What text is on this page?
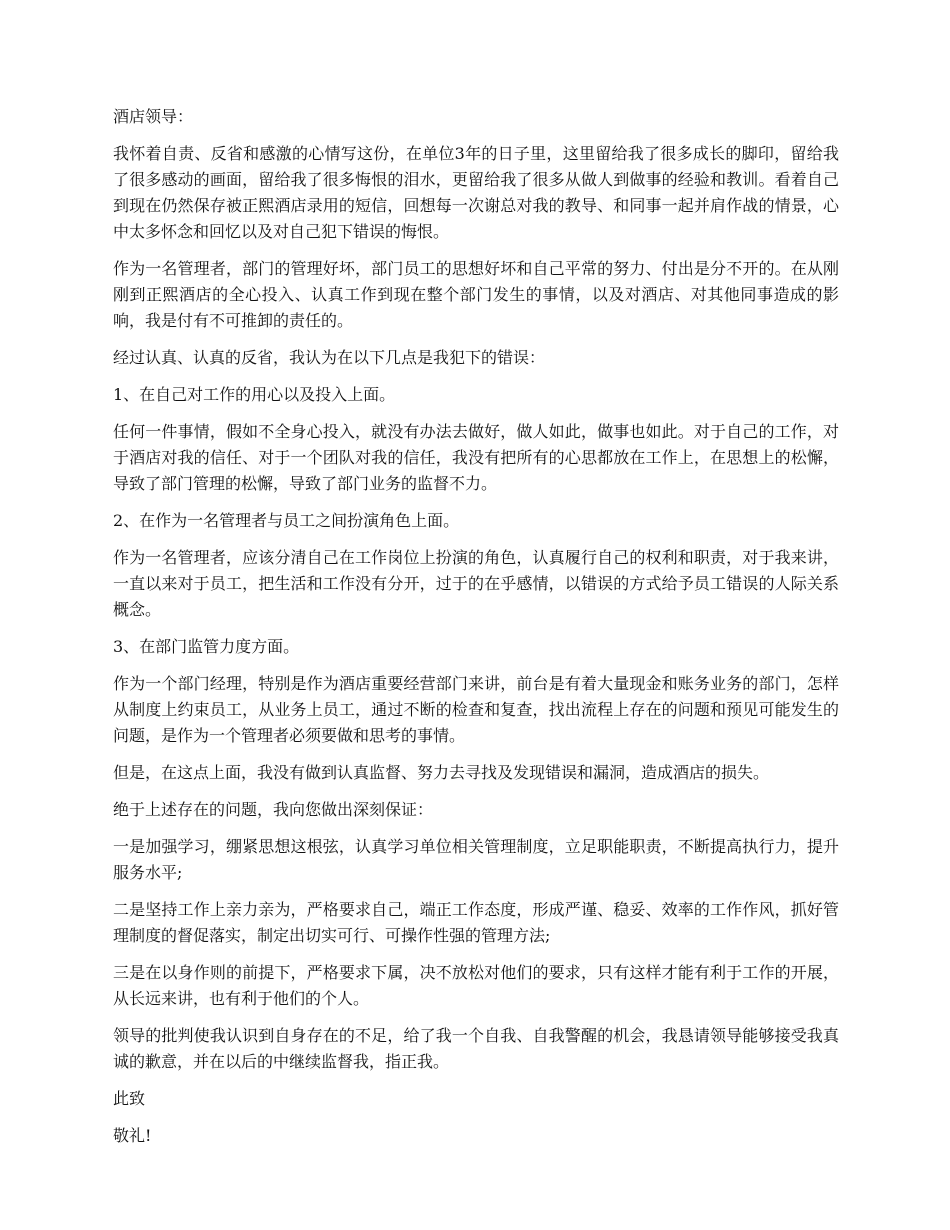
酒店领导：

我怀着自责、反省和感激的心情写这份，在单位3年的日子里，这里留给我了很多成长的脚印，留给我了很多感动的画面，留给我了很多悔恨的泪水，更留给我了很多从做人到做事的经验和教训。看着自己到现在仍然保存被正熙酒店录用的短信，回想每一次谢总对我的教导、和同事一起并肩作战的情景，心中太多怀念和回忆以及对自己犯下错误的悔恨。

作为一名管理者，部门的管理好坏，部门员工的思想好坏和自己平常的努力、付出是分不开的。在从刚刚到正熙酒店的全心投入、认真工作到现在整个部门发生的事情，以及对酒店、对其他同事造成的影响，我是付有不可推卸的责任的。

经过认真、认真的反省，我认为在以下几点是我犯下的错误：

1、在自己对工作的用心以及投入上面。

任何一件事情，假如不全身心投入，就没有办法去做好，做人如此，做事也如此。对于自己的工作，对于酒店对我的信任、对于一个团队对我的信任，我没有把所有的心思都放在工作上，在思想上的松懈，导致了部门管理的松懈，导致了部门业务的监督不力。

2、在作为一名管理者与员工之间扮演角色上面。

作为一名管理者，应该分清自己在工作岗位上扮演的角色，认真履行自己的权利和职责，对于我来讲，一直以来对于员工，把生活和工作没有分开，过于的在乎感情，以错误的方式给予员工错误的人际关系概念。

3、在部门监管力度方面。

作为一个部门经理，特别是作为酒店重要经营部门来讲，前台是有着大量现金和账务业务的部门，怎样从制度上约束员工，从业务上员工，通过不断的检查和复查，找出流程上存在的问题和预见可能发生的问题，是作为一个管理者必须要做和思考的事情。

但是，在这点上面，我没有做到认真监督、努力去寻找及发现错误和漏洞，造成酒店的损失。

绝于上述存在的问题，我向您做出深刻保证：

一是加强学习，绷紧思想这根弦，认真学习单位相关管理制度，立足职能职责，不断提高执行力，提升服务水平;

二是坚持工作上亲力亲为，严格要求自己，端正工作态度，形成严谨、稳妥、效率的工作作风，抓好管理制度的督促落实，制定出切实可行、可操作性强的管理方法;

三是在以身作则的前提下，严格要求下属，决不放松对他们的要求，只有这样才能有利于工作的开展，从长远来讲，也有利于他们的个人。

领导的批判使我认识到自身存在的不足，给了我一个自我、自我警醒的机会，我恳请领导能够接受我真诚的歉意，并在以后的中继续监督我，指正我。

此致

敬礼!
